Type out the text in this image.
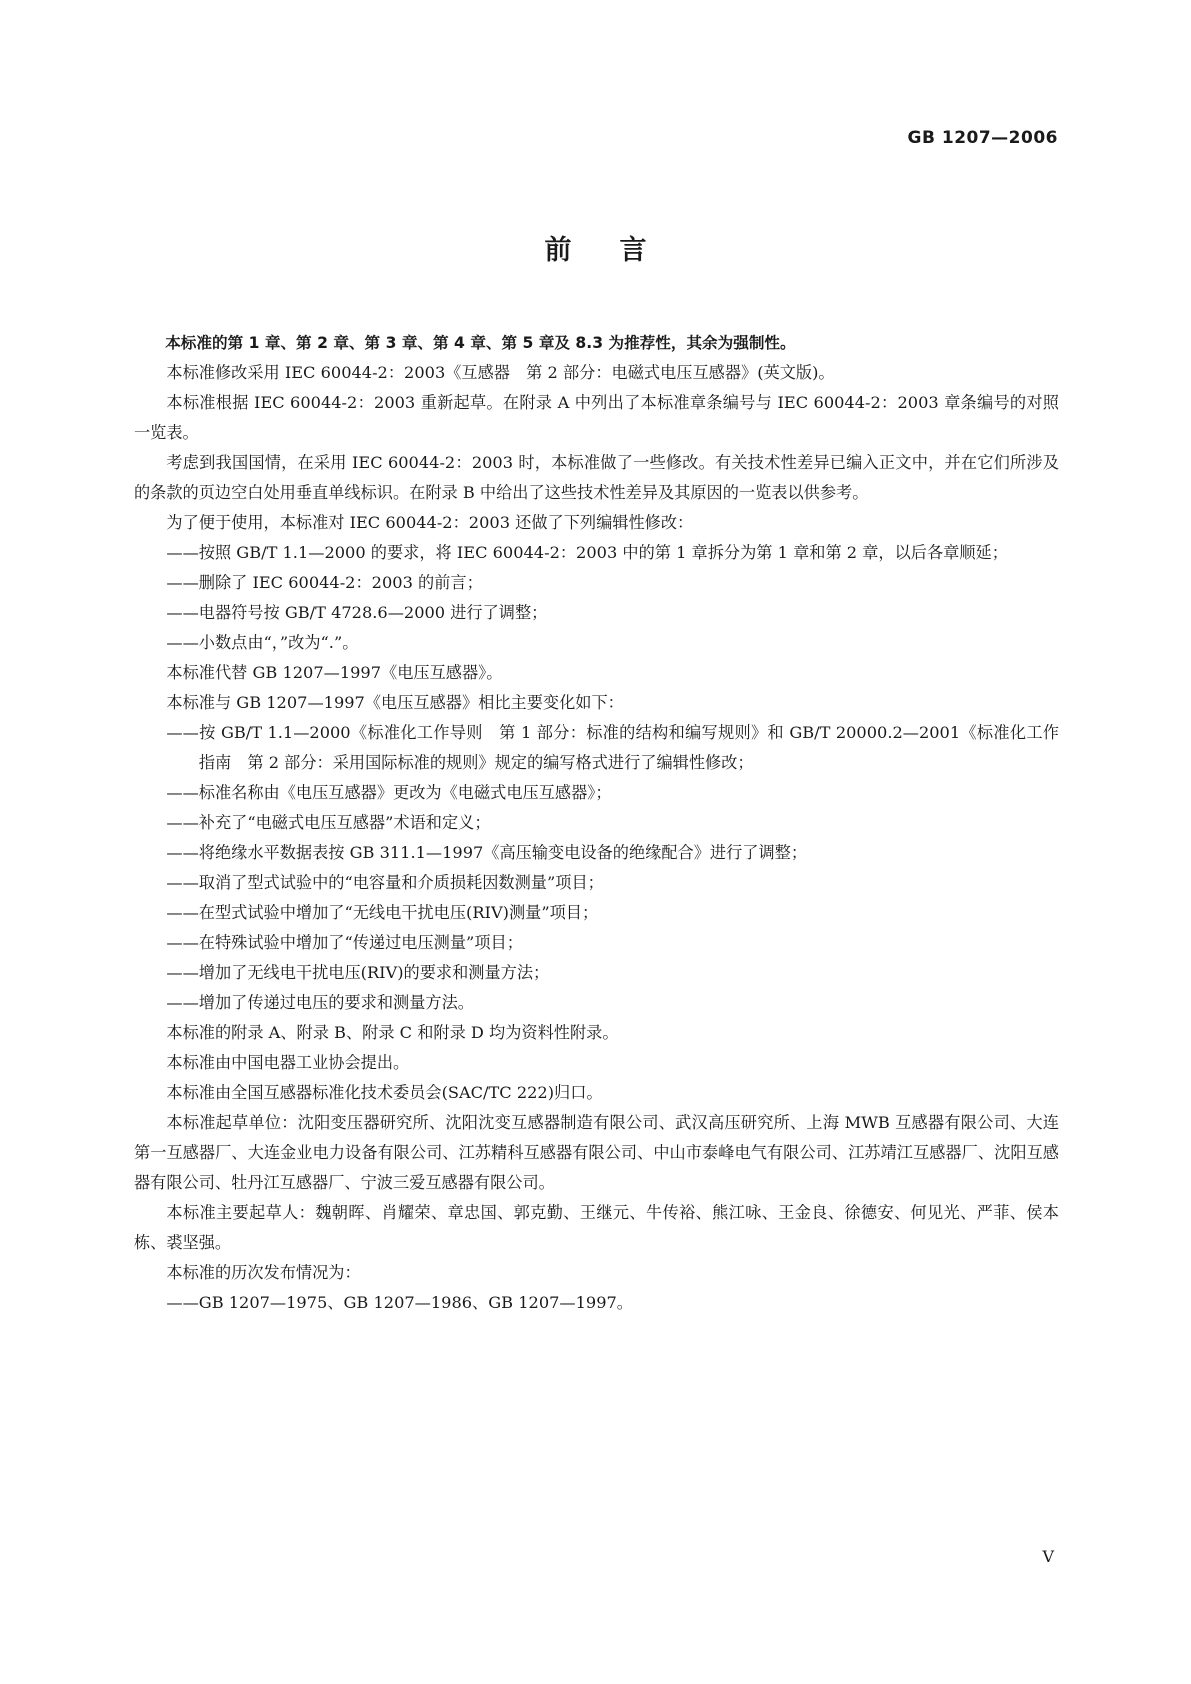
GB 1207—2006
前言

本标准的第 1 章、第 2 章、第 3 章、第 4 章、第 5 章及 8.3 为推荐性，其余为强制性。

本标准修改采用 IEC 60044-2：2003《互感器　第 2 部分：电磁式电压互感器》(英文版)。

本标准根据 IEC 60044-2：2003 重新起草。在附录 A 中列出了本标准章条编号与 IEC 60044-2：2003 章条编号的对照一览表。

考虑到我国国情，在采用 IEC 60044-2：2003 时，本标准做了一些修改。有关技术性差异已编入正文中，并在它们所涉及的条款的页边空白处用垂直单线标识。在附录 B 中给出了这些技术性差异及其原因的一览表以供参考。

为了便于使用，本标准对 IEC 60044-2：2003 还做了下列编辑性修改：

——按照 GB/T 1.1—2000 的要求，将 IEC 60044-2：2003 中的第 1 章拆分为第 1 章和第 2 章，以后各章顺延；

——删除了 IEC 60044-2：2003 的前言；

——电器符号按 GB/T 4728.6—2000 进行了调整；

——小数点由“，”改为“.”。

本标准代替 GB 1207—1997《电压互感器》。

本标准与 GB 1207—1997《电压互感器》相比主要变化如下：

——按 GB/T 1.1—2000《标准化工作导则　第 1 部分：标准的结构和编写规则》和 GB/T 20000.2—2001《标准化工作指南　第 2 部分：采用国际标准的规则》规定的编写格式进行了编辑性修改；

——标准名称由《电压互感器》更改为《电磁式电压互感器》；

——补充了“电磁式电压互感器”术语和定义；

——将绝缘水平数据表按 GB 311.1—1997《高压输变电设备的绝缘配合》进行了调整；

——取消了型式试验中的“电容量和介质损耗因数测量”项目；

——在型式试验中增加了“无线电干扰电压(RIV)测量”项目；

——在特殊试验中增加了“传递过电压测量”项目；

——增加了无线电干扰电压(RIV)的要求和测量方法；

——增加了传递过电压的要求和测量方法。

本标准的附录 A、附录 B、附录 C 和附录 D 均为资料性附录。

本标准由中国电器工业协会提出。

本标准由全国互感器标准化技术委员会(SAC/TC 222)归口。

本标准起草单位：沈阳变压器研究所、沈阳沈变互感器制造有限公司、武汉高压研究所、上海 MWB 互感器有限公司、大连第一互感器厂、大连金业电力设备有限公司、江苏精科互感器有限公司、中山市泰峰电气有限公司、江苏靖江互感器厂、沈阳互感器有限公司、牡丹江互感器厂、宁波三爱互感器有限公司。

本标准主要起草人：魏朝晖、肖耀荣、章忠国、郭克勤、王继元、牛传裕、熊江咏、王金良、徐德安、何见光、严菲、侯本栋、裘坚强。

本标准的历次发布情况为：

——GB 1207—1975、GB 1207—1986、GB 1207—1997。

V
